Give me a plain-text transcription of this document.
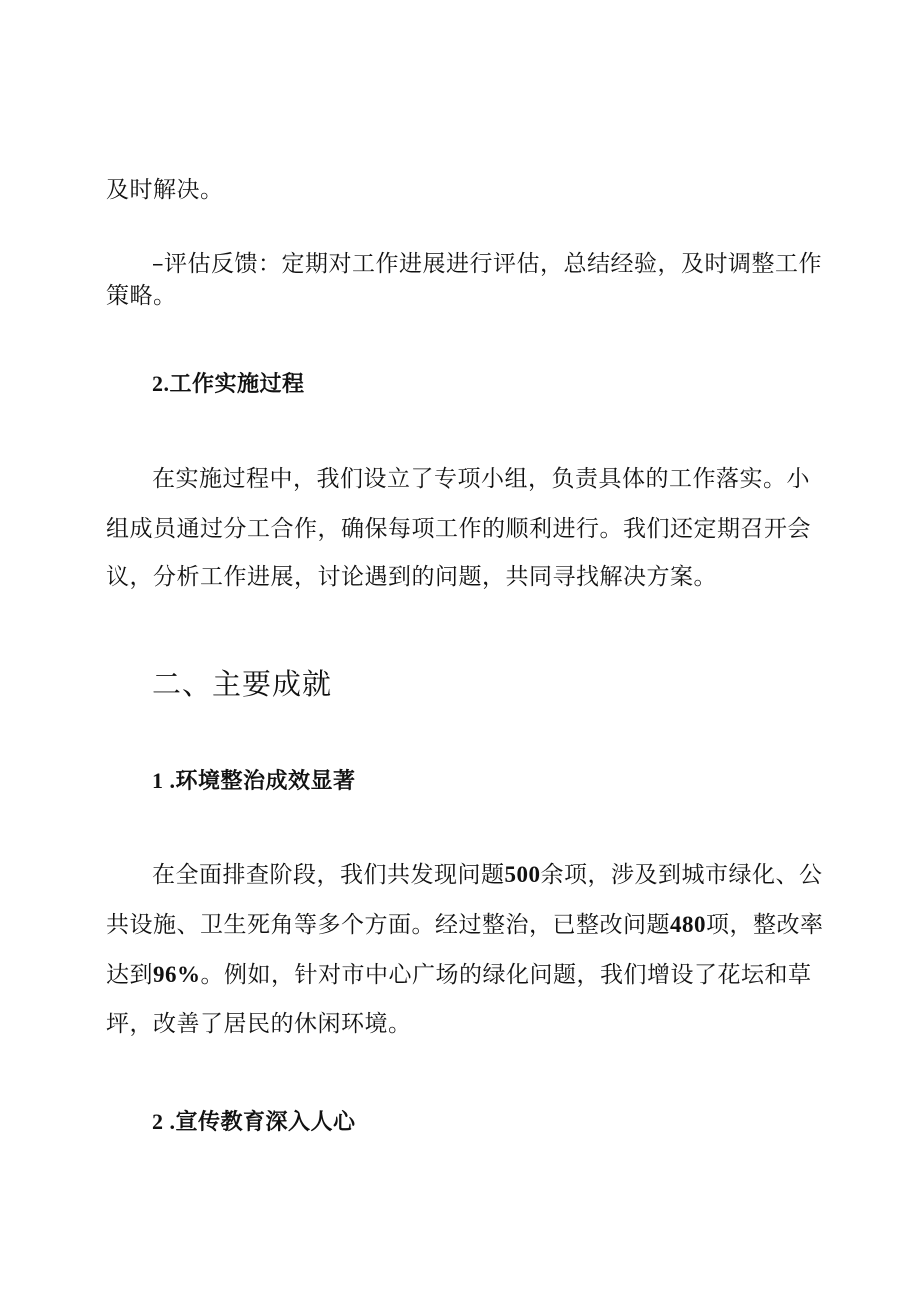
及时解决。
–评估反馈：定期对工作进展进行评估，总结经验，及时调整工作
策略。
2.工作实施过程
在实施过程中，我们设立了专项小组，负责具体的工作落实。小
组成员通过分工合作，确保每项工作的顺利进行。我们还定期召开会
议，分析工作进展，讨论遇到的问题，共同寻找解决方案。
二、主要成就
1 .环境整治成效显著
在全面排查阶段，我们共发现问题500余项，涉及到城市绿化、公
共设施、卫生死角等多个方面。经过整治，已整改问题480项，整改率
达到96%。例如，针对市中心广场的绿化问题，我们增设了花坛和草
坪，改善了居民的休闲环境。
2 .宣传教育深入人心
